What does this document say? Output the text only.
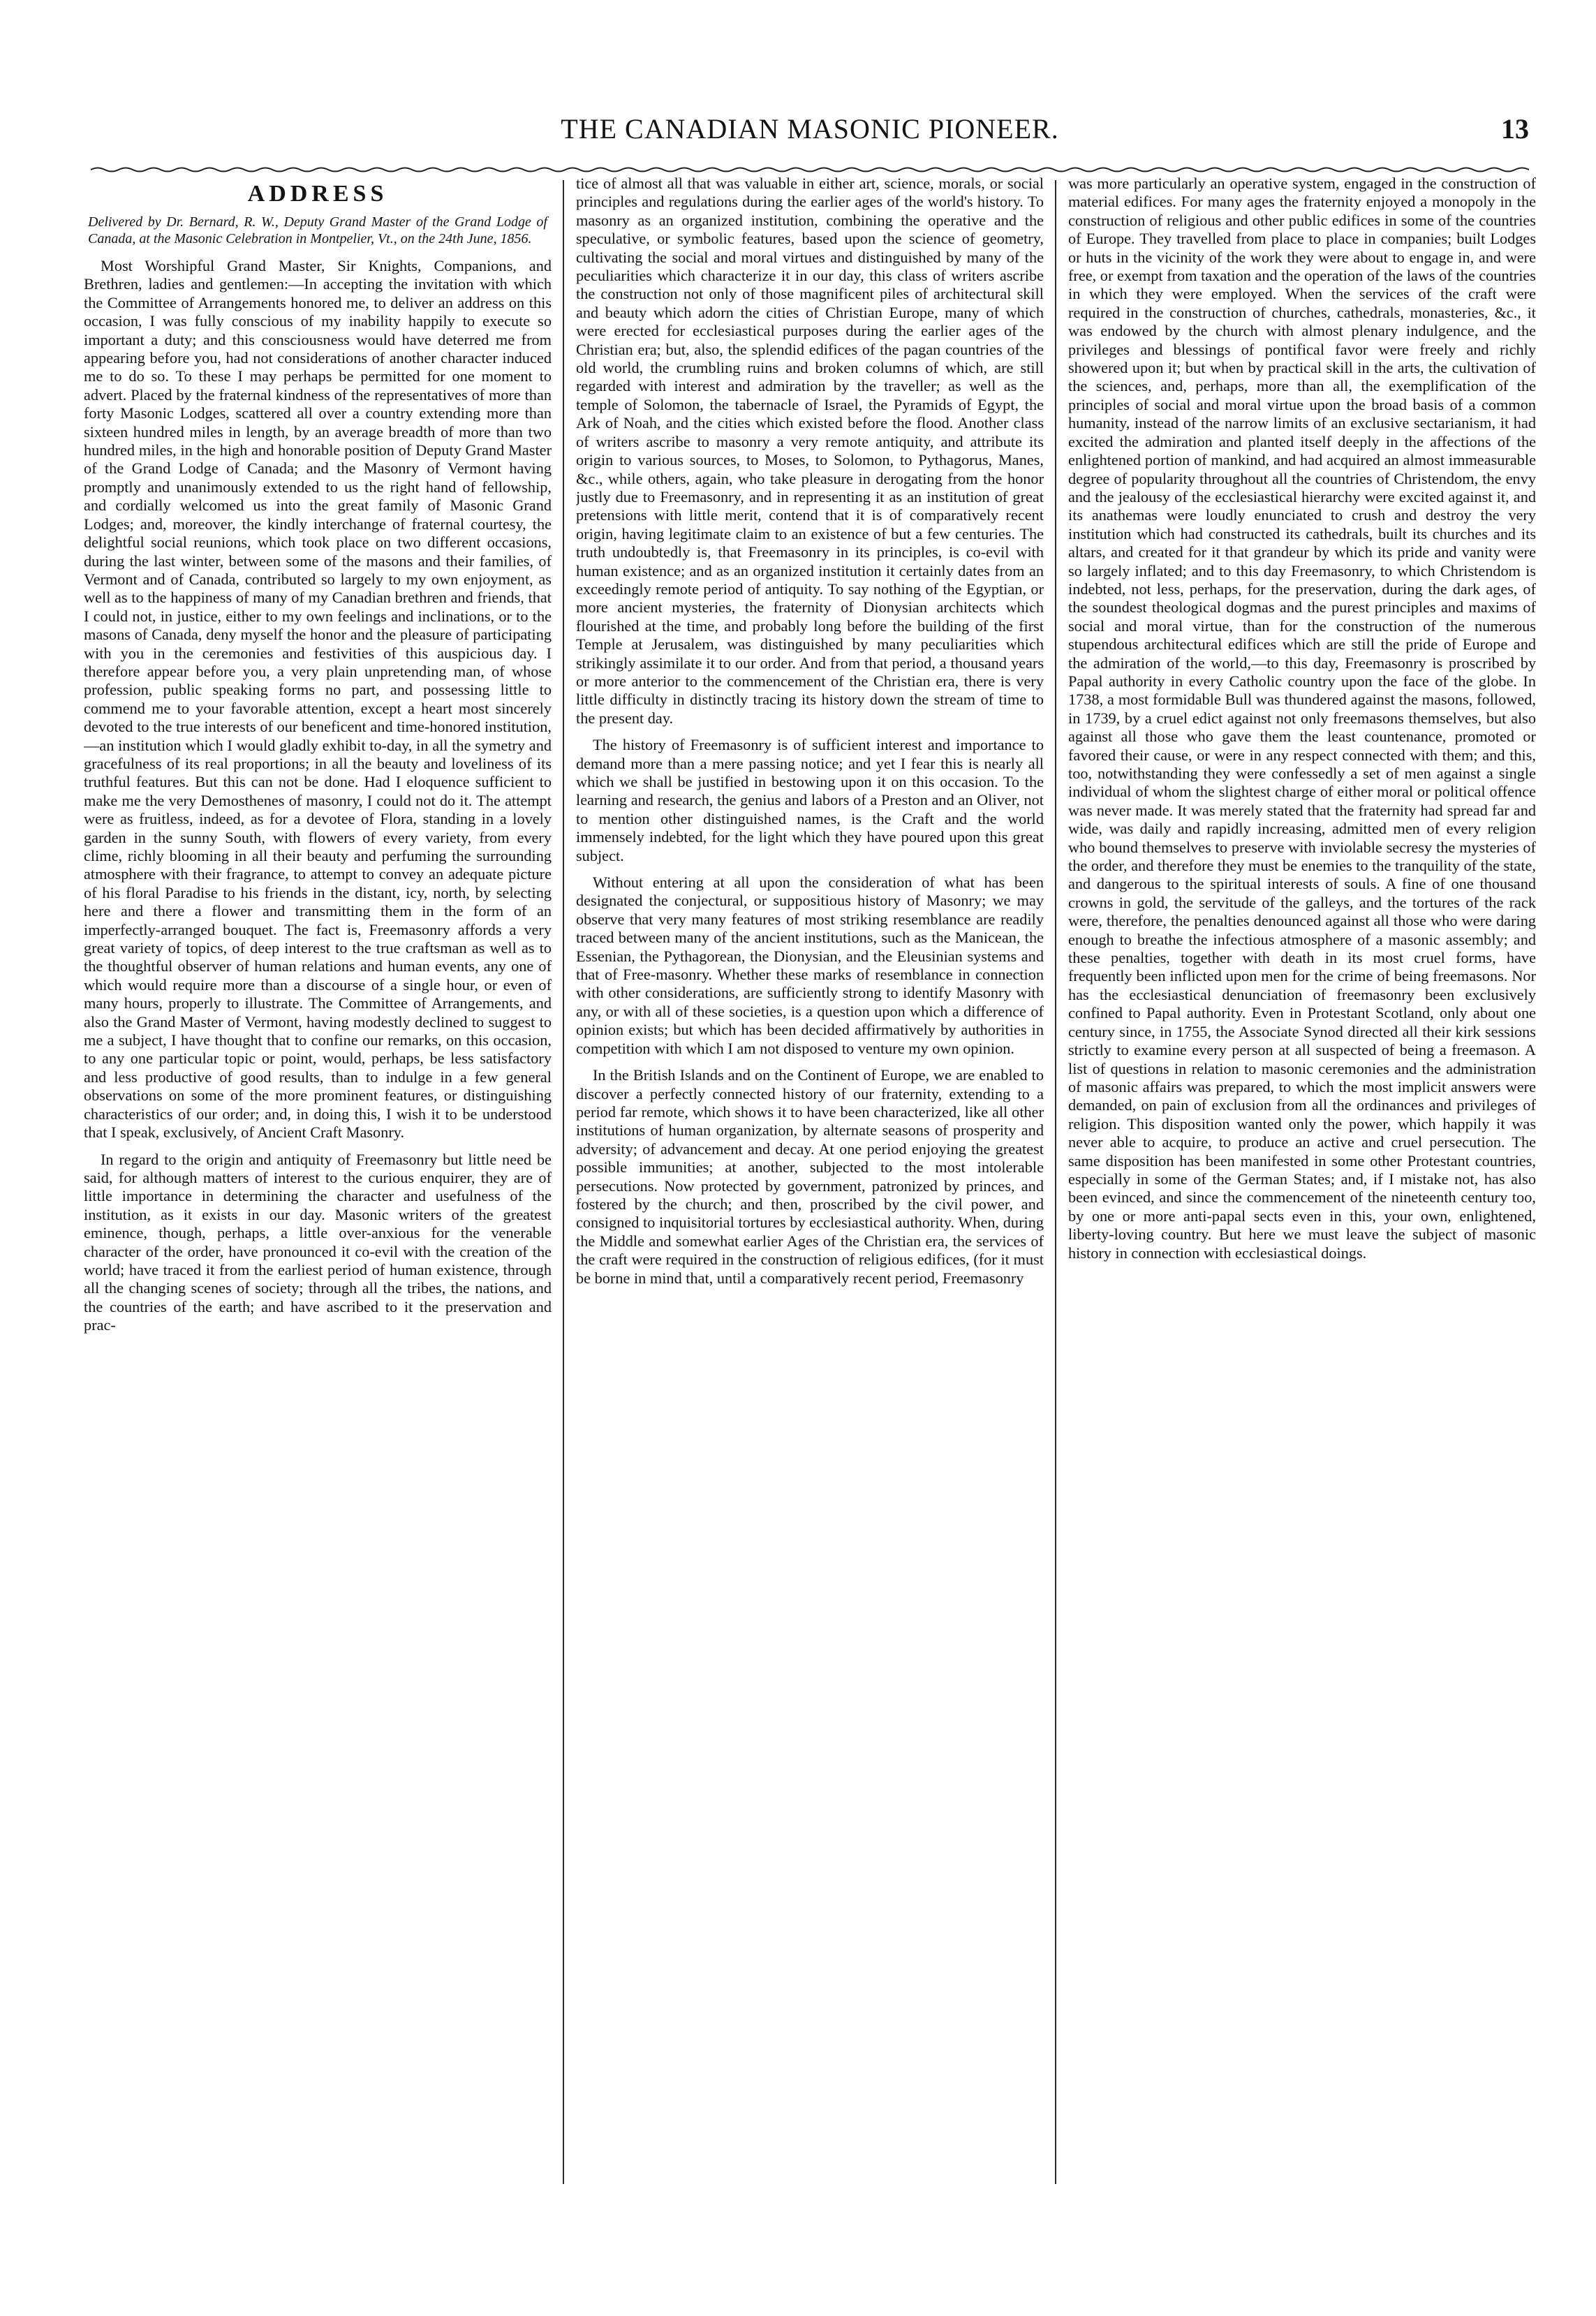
THE CANADIAN MASONIC PIONEER.	13
ADDRESS
Delivered by Dr. Bernard, R. W., Deputy Grand Master of the Grand Lodge of Canada, at the Masonic Celebration in Montpelier, Vt., on the 24th June, 1856.

Most Worshipful Grand Master, Sir Knights, Companions, and Brethren, ladies and gentlemen:—In accepting the invitation with which the Committee of Arrangements honored me, to deliver an address on this occasion, I was fully conscious of my inability happily to execute so important a duty; and this consciousness would have deterred me from appearing before you, had not considerations of another character induced me to do so. To these I may perhaps be permitted for one moment to advert. Placed by the fraternal kindness of the representatives of more than forty Masonic Lodges, scattered all over a country extending more than sixteen hundred miles in length, by an average breadth of more than two hundred miles, in the high and honorable position of Deputy Grand Master of the Grand Lodge of Canada; and the Masonry of Vermont having promptly and unanimously extended to us the right hand of fellowship, and cordially welcomed us into the great family of Masonic Grand Lodges; and, moreover, the kindly interchange of fraternal courtesy, the delightful social reunions, which took place on two different occasions, during the last winter, between some of the masons and their families, of Vermont and of Canada, contributed so largely to my own enjoyment, as well as to the happiness of many of my Canadian brethren and friends, that I could not, in justice, either to my own feelings and inclinations, or to the masons of Canada, deny myself the honor and the pleasure of participating with you in the ceremonies and festivities of this auspicious day. I therefore appear before you, a very plain unpretending man, of whose profession, public speaking forms no part, and possessing little to commend me to your favorable attention, except a heart most sincerely devoted to the true interests of our beneficent and time-honored institution,—an institution which I would gladly exhibit to-day, in all the symetry and gracefulness of its real proportions; in all the beauty and loveliness of its truthful features. But this can not be done. Had I eloquence sufficient to make me the very Demosthenes of masonry, I could not do it. The attempt were as fruitless, indeed, as for a devotee of Flora, standing in a lovely garden in the sunny South, with flowers of every variety, from every clime, richly blooming in all their beauty and perfuming the surrounding atmosphere with their fragrance, to attempt to convey an adequate picture of his floral Paradise to his friends in the distant, icy, north, by selecting here and there a flower and transmitting them in the form of an imperfectly-arranged bouquet. The fact is, Freemasonry affords a very great variety of topics, of deep interest to the true craftsman as well as to the thoughtful observer of human relations and human events, any one of which would require more than a discourse of a single hour, or even of many hours, properly to illustrate. The Committee of Arrangements, and also the Grand Master of Vermont, having modestly declined to suggest to me a subject, I have thought that to confine our remarks, on this occasion, to any one particular topic or point, would, perhaps, be less satisfactory and less productive of good results, than to indulge in a few general observations on some of the more prominent features, or distinguishing characteristics of our order; and, in doing this, I wish it to be understood that I speak, exclusively, of Ancient Craft Masonry.

In regard to the origin and antiquity of Freemasonry but little need be said, for although matters of interest to the curious enquirer, they are of little importance in determining the character and usefulness of the institution, as it exists in our day. Masonic writers of the greatest eminence, though, perhaps, a little over-anxious for the venerable character of the order, have pronounced it co-evil with the creation of the world; have traced it from the earliest period of human existence, through all the changing scenes of society; through all the tribes, the nations, and the countries of the earth; and have ascribed to it the preservation and prac-

tice of almost all that was valuable in either art, science, morals, or social principles and regulations during the earlier ages of the world's history. To masonry as an organized institution, combining the operative and the speculative, or symbolic features, based upon the science of geometry, cultivating the social and moral virtues and distinguished by many of the peculiarities which characterize it in our day, this class of writers ascribe the construction not only of those magnificent piles of architectural skill and beauty which adorn the cities of Christian Europe, many of which were erected for ecclesiastical purposes during the earlier ages of the Christian era; but, also, the splendid edifices of the pagan countries of the old world, the crumbling ruins and broken columns of which, are still regarded with interest and admiration by the traveller; as well as the temple of Solomon, the tabernacle of Israel, the Pyramids of Egypt, the Ark of Noah, and the cities which existed before the flood. Another class of writers ascribe to masonry a very remote antiquity, and attribute its origin to various sources, to Moses, to Solomon, to Pythagorus, Manes, &c., while others, again, who take pleasure in derogating from the honor justly due to Freemasonry, and in representing it as an institution of great pretensions with little merit, contend that it is of comparatively recent origin, having legitimate claim to an existence of but a few centuries. The truth undoubtedly is, that Freemasonry in its principles, is co-evil with human existence; and as an organized institution it certainly dates from an exceedingly remote period of antiquity. To say nothing of the Egyptian, or more ancient mysteries, the fraternity of Dionysian architects which flourished at the time, and probably long before the building of the first Temple at Jerusalem, was distinguished by many peculiarities which strikingly assimilate it to our order. And from that period, a thousand years or more anterior to the commencement of the Christian era, there is very little difficulty in distinctly tracing its history down the stream of time to the present day.

The history of Freemasonry is of sufficient interest and importance to demand more than a mere passing notice; and yet I fear this is nearly all which we shall be justified in bestowing upon it on this occasion. To the learning and research, the genius and labors of a Preston and an Oliver, not to mention other distinguished names, is the Craft and the world immensely indebted, for the light which they have poured upon this great subject.

Without entering at all upon the consideration of what has been designated the conjectural, or suppositious history of Masonry; we may observe that very many features of most striking resemblance are readily traced between many of the ancient institutions, such as the Manicean, the Essenian, the Pythagorean, the Dionysian, and the Eleusinian systems and that of Free-masonry. Whether these marks of resemblance in connection with other considerations, are sufficiently strong to identify Masonry with any, or with all of these societies, is a question upon which a difference of opinion exists; but which has been decided affirmatively by authorities in competition with which I am not disposed to venture my own opinion.

In the British Islands and on the Continent of Europe, we are enabled to discover a perfectly connected history of our fraternity, extending to a period far remote, which shows it to have been characterized, like all other institutions of human organization, by alternate seasons of prosperity and adversity; of advancement and decay. At one period enjoying the greatest possible immunities; at another, subjected to the most intolerable persecutions. Now protected by government, patronized by princes, and fostered by the church; and then, proscribed by the civil power, and consigned to inquisitorial tortures by ecclesiastical authority. When, during the Middle and somewhat earlier Ages of the Christian era, the services of the craft were required in the construction of religious edifices, (for it must be borne in mind that, until a comparatively recent period, Freemasonry

was more particularly an operative system, engaged in the construction of material edifices. For many ages the fraternity enjoyed a monopoly in the construction of religious and other public edifices in some of the countries of Europe. They travelled from place to place in companies; built Lodges or huts in the vicinity of the work they were about to engage in, and were free, or exempt from taxation and the operation of the laws of the countries in which they were employed. When the services of the craft were required in the construction of churches, cathedrals, monasteries, &c., it was endowed by the church with almost plenary indulgence, and the privileges and blessings of pontifical favor were freely and richly showered upon it; but when by practical skill in the arts, the cultivation of the sciences, and, perhaps, more than all, the exemplification of the principles of social and moral virtue upon the broad basis of a common humanity, instead of the narrow limits of an exclusive sectarianism, it had excited the admiration and planted itself deeply in the affections of the enlightened portion of mankind, and had acquired an almost immeasurable degree of popularity throughout all the countries of Christendom, the envy and the jealousy of the ecclesiastical hierarchy were excited against it, and its anathemas were loudly enunciated to crush and destroy the very institution which had constructed its cathedrals, built its churches and its altars, and created for it that grandeur by which its pride and vanity were so largely inflated; and to this day Freemasonry, to which Christendom is indebted, not less, perhaps, for the preservation, during the dark ages, of the soundest theological dogmas and the purest principles and maxims of social and moral virtue, than for the construction of the numerous stupendous architectural edifices which are still the pride of Europe and the admiration of the world,—to this day, Freemasonry is proscribed by Papal authority in every Catholic country upon the face of the globe. In 1738, a most formidable Bull was thundered against the masons, followed, in 1739, by a cruel edict against not only freemasons themselves, but also against all those who gave them the least countenance, promoted or favored their cause, or were in any respect connected with them; and this, too, notwithstanding they were confessedly a set of men against a single individual of whom the slightest charge of either moral or political offence was never made. It was merely stated that the fraternity had spread far and wide, was daily and rapidly increasing, admitted men of every religion who bound themselves to preserve with inviolable secresy the mysteries of the order, and therefore they must be enemies to the tranquility of the state, and dangerous to the spiritual interests of souls. A fine of one thousand crowns in gold, the servitude of the galleys, and the tortures of the rack were, therefore, the penalties denounced against all those who were daring enough to breathe the infectious atmosphere of a masonic assembly; and these penalties, together with death in its most cruel forms, have frequently been inflicted upon men for the crime of being freemasons. Nor has the ecclesiastical denunciation of freemasonry been exclusively confined to Papal authority. Even in Protestant Scotland, only about one century since, in 1755, the Associate Synod directed all their kirk sessions strictly to examine every person at all suspected of being a freemason. A list of questions in relation to masonic ceremonies and the administration of masonic affairs was prepared, to which the most implicit answers were demanded, on pain of exclusion from all the ordinances and privileges of religion. This disposition wanted only the power, which happily it was never able to acquire, to produce an active and cruel persecution. The same disposition has been manifested in some other Protestant countries, especially in some of the German States; and, if I mistake not, has also been evinced, and since the commencement of the nineteenth century too, by one or more anti-papal sects even in this, your own, enlightened, liberty-loving country. But here we must leave the subject of masonic history in connection with ecclesiastical doings.
